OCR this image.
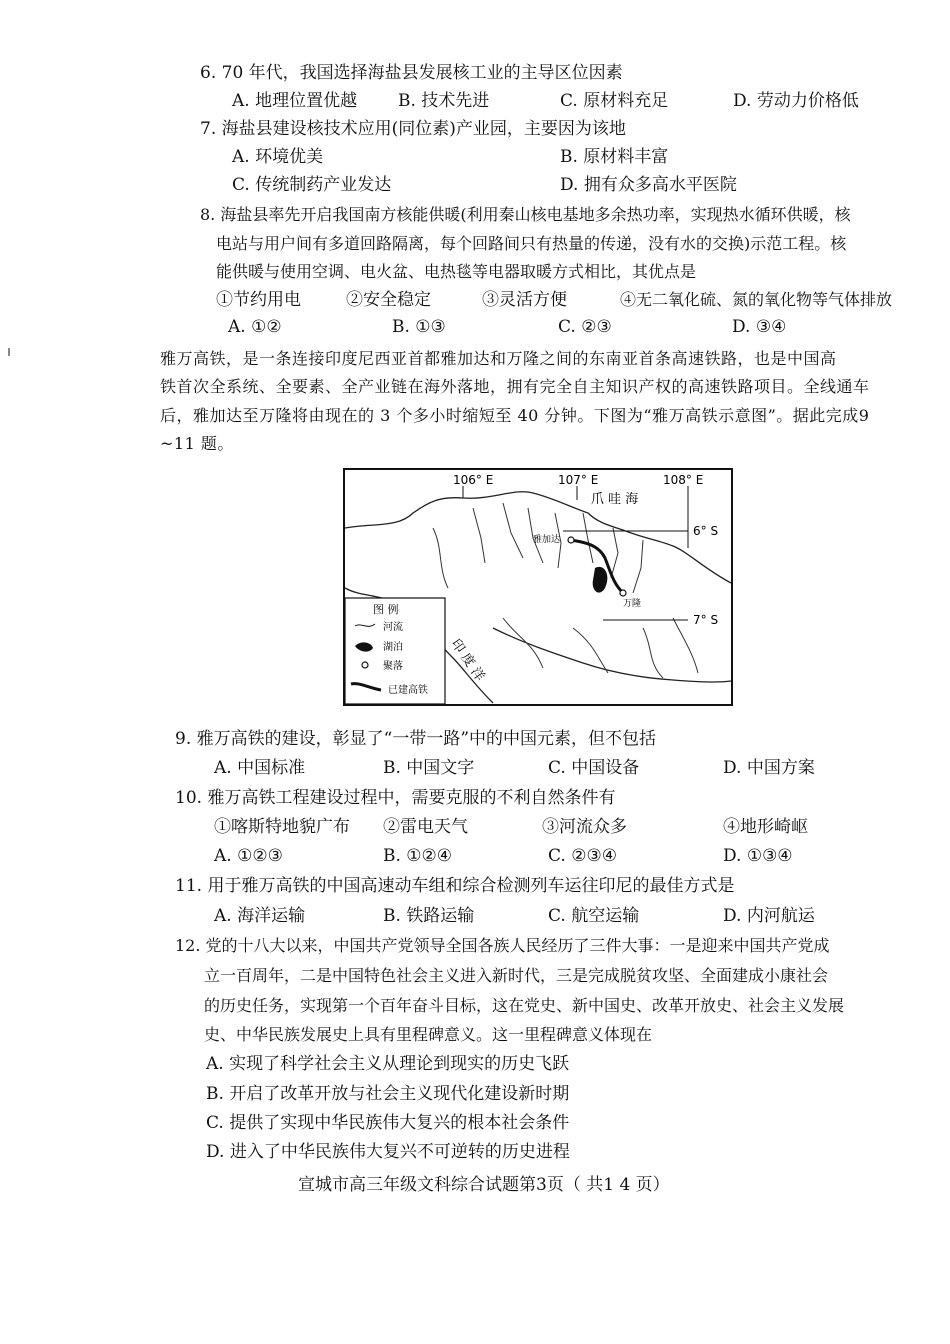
6. 70 年代，我国选择海盐县发展核工业的主导区位因素
A. 地理位置优越 B. 技术先进	C. 原材料充足	D. 劳动力价格低
7. 海盐县建设核技术应用(同位素)产业园，主要因为该地
A. 环境优美	B. 原材料丰富
C. 传统制药产业发达	D. 拥有众多高水平医院
8. 海盐县率先开启我国南方核能供暖(利用秦山核电基地多余热功率，实现热水循环供暖，核
电站与用户间有多道回路隔离，每个回路间只有热量的传递，没有水的交换)示范工程。核
能供暖与使用空调、电火盆、电热毯等电器取暖方式相比，其优点是
①节约用电	②安全稳定	③灵活方便	④无二氧化硫、氮的氧化物等气体排放
A. ①②	B. ①③	C. ②③	D. ③④
雅万高铁，是一条连接印度尼西亚首都雅加达和万隆之间的东南亚首条高速铁路，也是中国高
铁首次全系统、全要素、全产业链在海外落地，拥有完全自主知识产权的高速铁路项目。全线通车
后，雅加达至万隆将由现在的 3 个多小时缩短至 40 分钟。下图为“雅万高铁示意图”。据此完成9
~11 题。
106° E	107° E	108° E
6° S
7° S
爪 哇 海
雅加达
万隆
印 度 洋
图 例
河流
湖泊
聚落
已建高铁
9. 雅万高铁的建设，彰显了“一带一路”中的中国元素，但不包括
A. 中国标准	B. 中国文字	C. 中国设备	D. 中国方案
10. 雅万高铁工程建设过程中，需要克服的不利自然条件有
①喀斯特地貌广布 ②雷电天气	③河流众多	④地形崎岖
A. ①②③	B. ①②④	C. ②③④	D. ①③④
11. 用于雅万高铁的中国高速动车组和综合检测列车运往印尼的最佳方式是
A. 海洋运输	B. 铁路运输	C. 航空运输	D. 内河航运
12. 党的十八大以来，中国共产党领导全国各族人民经历了三件大事：一是迎来中国共产党成
立一百周年，二是中国特色社会主义进入新时代，三是完成脱贫攻坚、全面建成小康社会
的历史任务，实现第一个百年奋斗目标，这在党史、新中国史、改革开放史、社会主义发展
史、中华民族发展史上具有里程碑意义。这一里程碑意义体现在
A. 实现了科学社会主义从理论到现实的历史飞跃
B. 开启了改革开放与社会主义现代化建设新时期
C. 提供了实现中华民族伟大复兴的根本社会条件
D. 进入了中华民族伟大复兴不可逆转的历史进程
宣城市高三年级文科综合试题第3页（ 共1 4 页）
